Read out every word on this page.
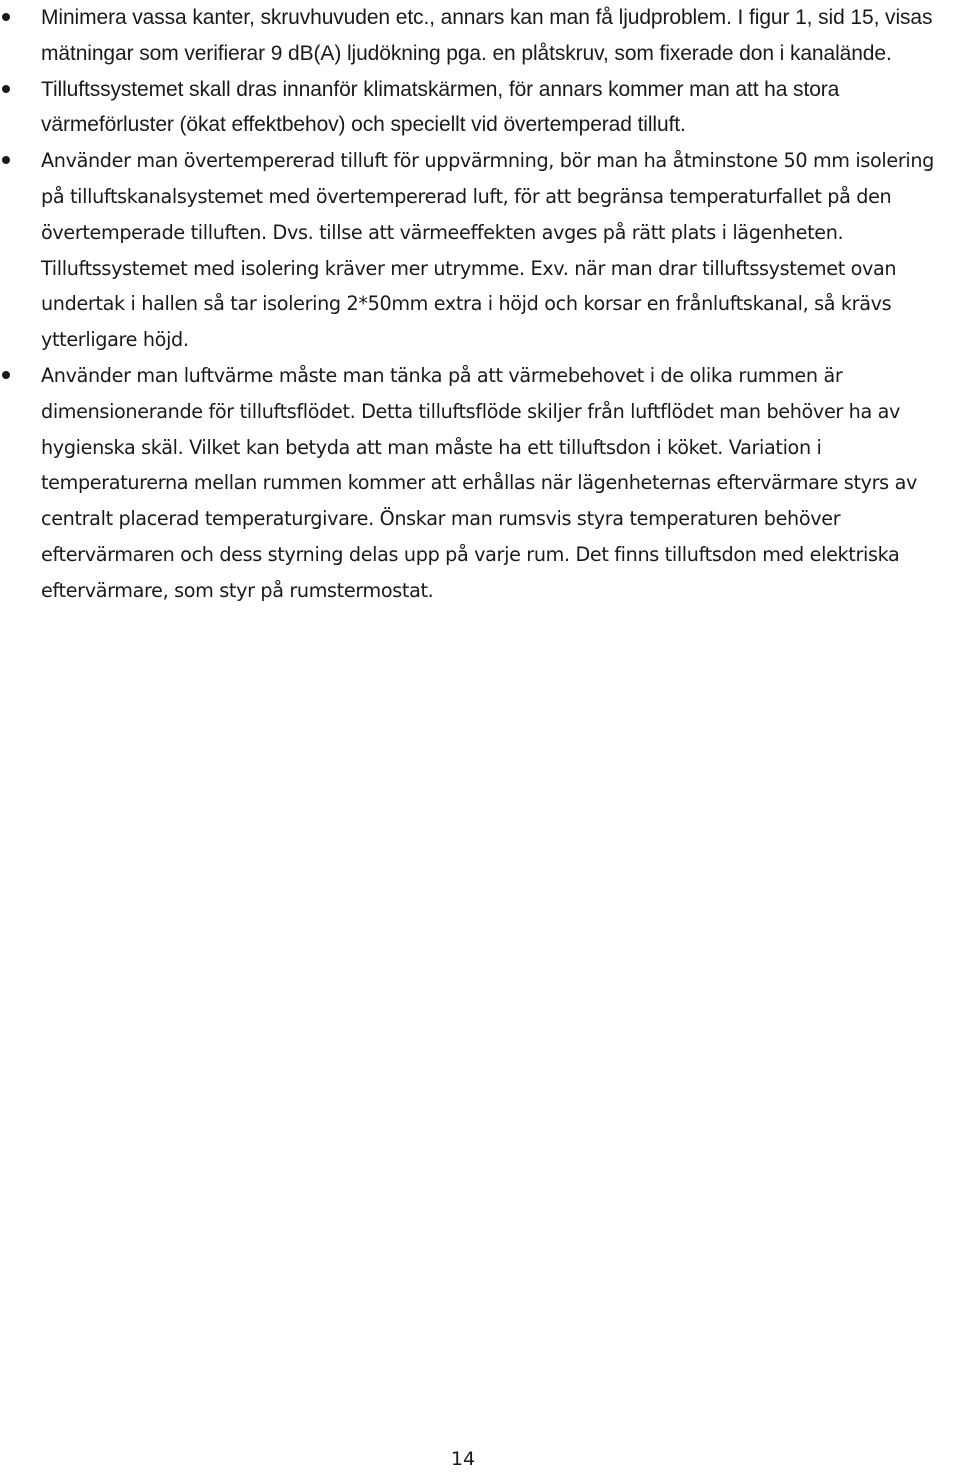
Minimera vassa kanter, skruvhuvuden etc., annars kan man få ljudproblem. I figur 1, sid 15, visas mätningar som verifierar 9 dB(A) ljudökning pga. en plåtskruv, som fixerade don i kanalände.
Tilluftssystemet skall dras innanför klimatskärmen, för annars kommer man att ha stora värmeförluster (ökat effektbehov) och speciellt vid övertemperad tilluft.
Använder man övertempererad tilluft för uppvärmning, bör man ha åtminstone 50 mm isolering på tilluftskanalsystemet med övertempererad luft, för att begränsa temperaturfallet på den övertemperade tilluften. Dvs. tillse att värmeeffekten avges på rätt plats i lägenheten. Tilluftssystemet med isolering kräver mer utrymme. Exv. när man drar tilluftssystemet ovan undertak i hallen så tar isolering 2*50mm extra i höjd och korsar en frånluftskanal, så krävs ytterligare höjd.
Använder man luftvärme måste man tänka på att värmebehovet i de olika rummen är dimensionerande för tilluftsflödet. Detta tilluftsflöde skiljer från luftflödet man behöver ha av hygienska skäl. Vilket kan betyda att man måste ha ett tilluftsdon i köket. Variation i temperaturerna mellan rummen kommer att erhållas när lägenheternas eftervärmare styrs av centralt placerad temperaturgivare. Önskar man rumsvis styra temperaturen behöver eftervärmaren och dess styrning delas upp på varje rum. Det finns tilluftsdon med elektriska eftervärmare, som styr på rumstermostat.
14
